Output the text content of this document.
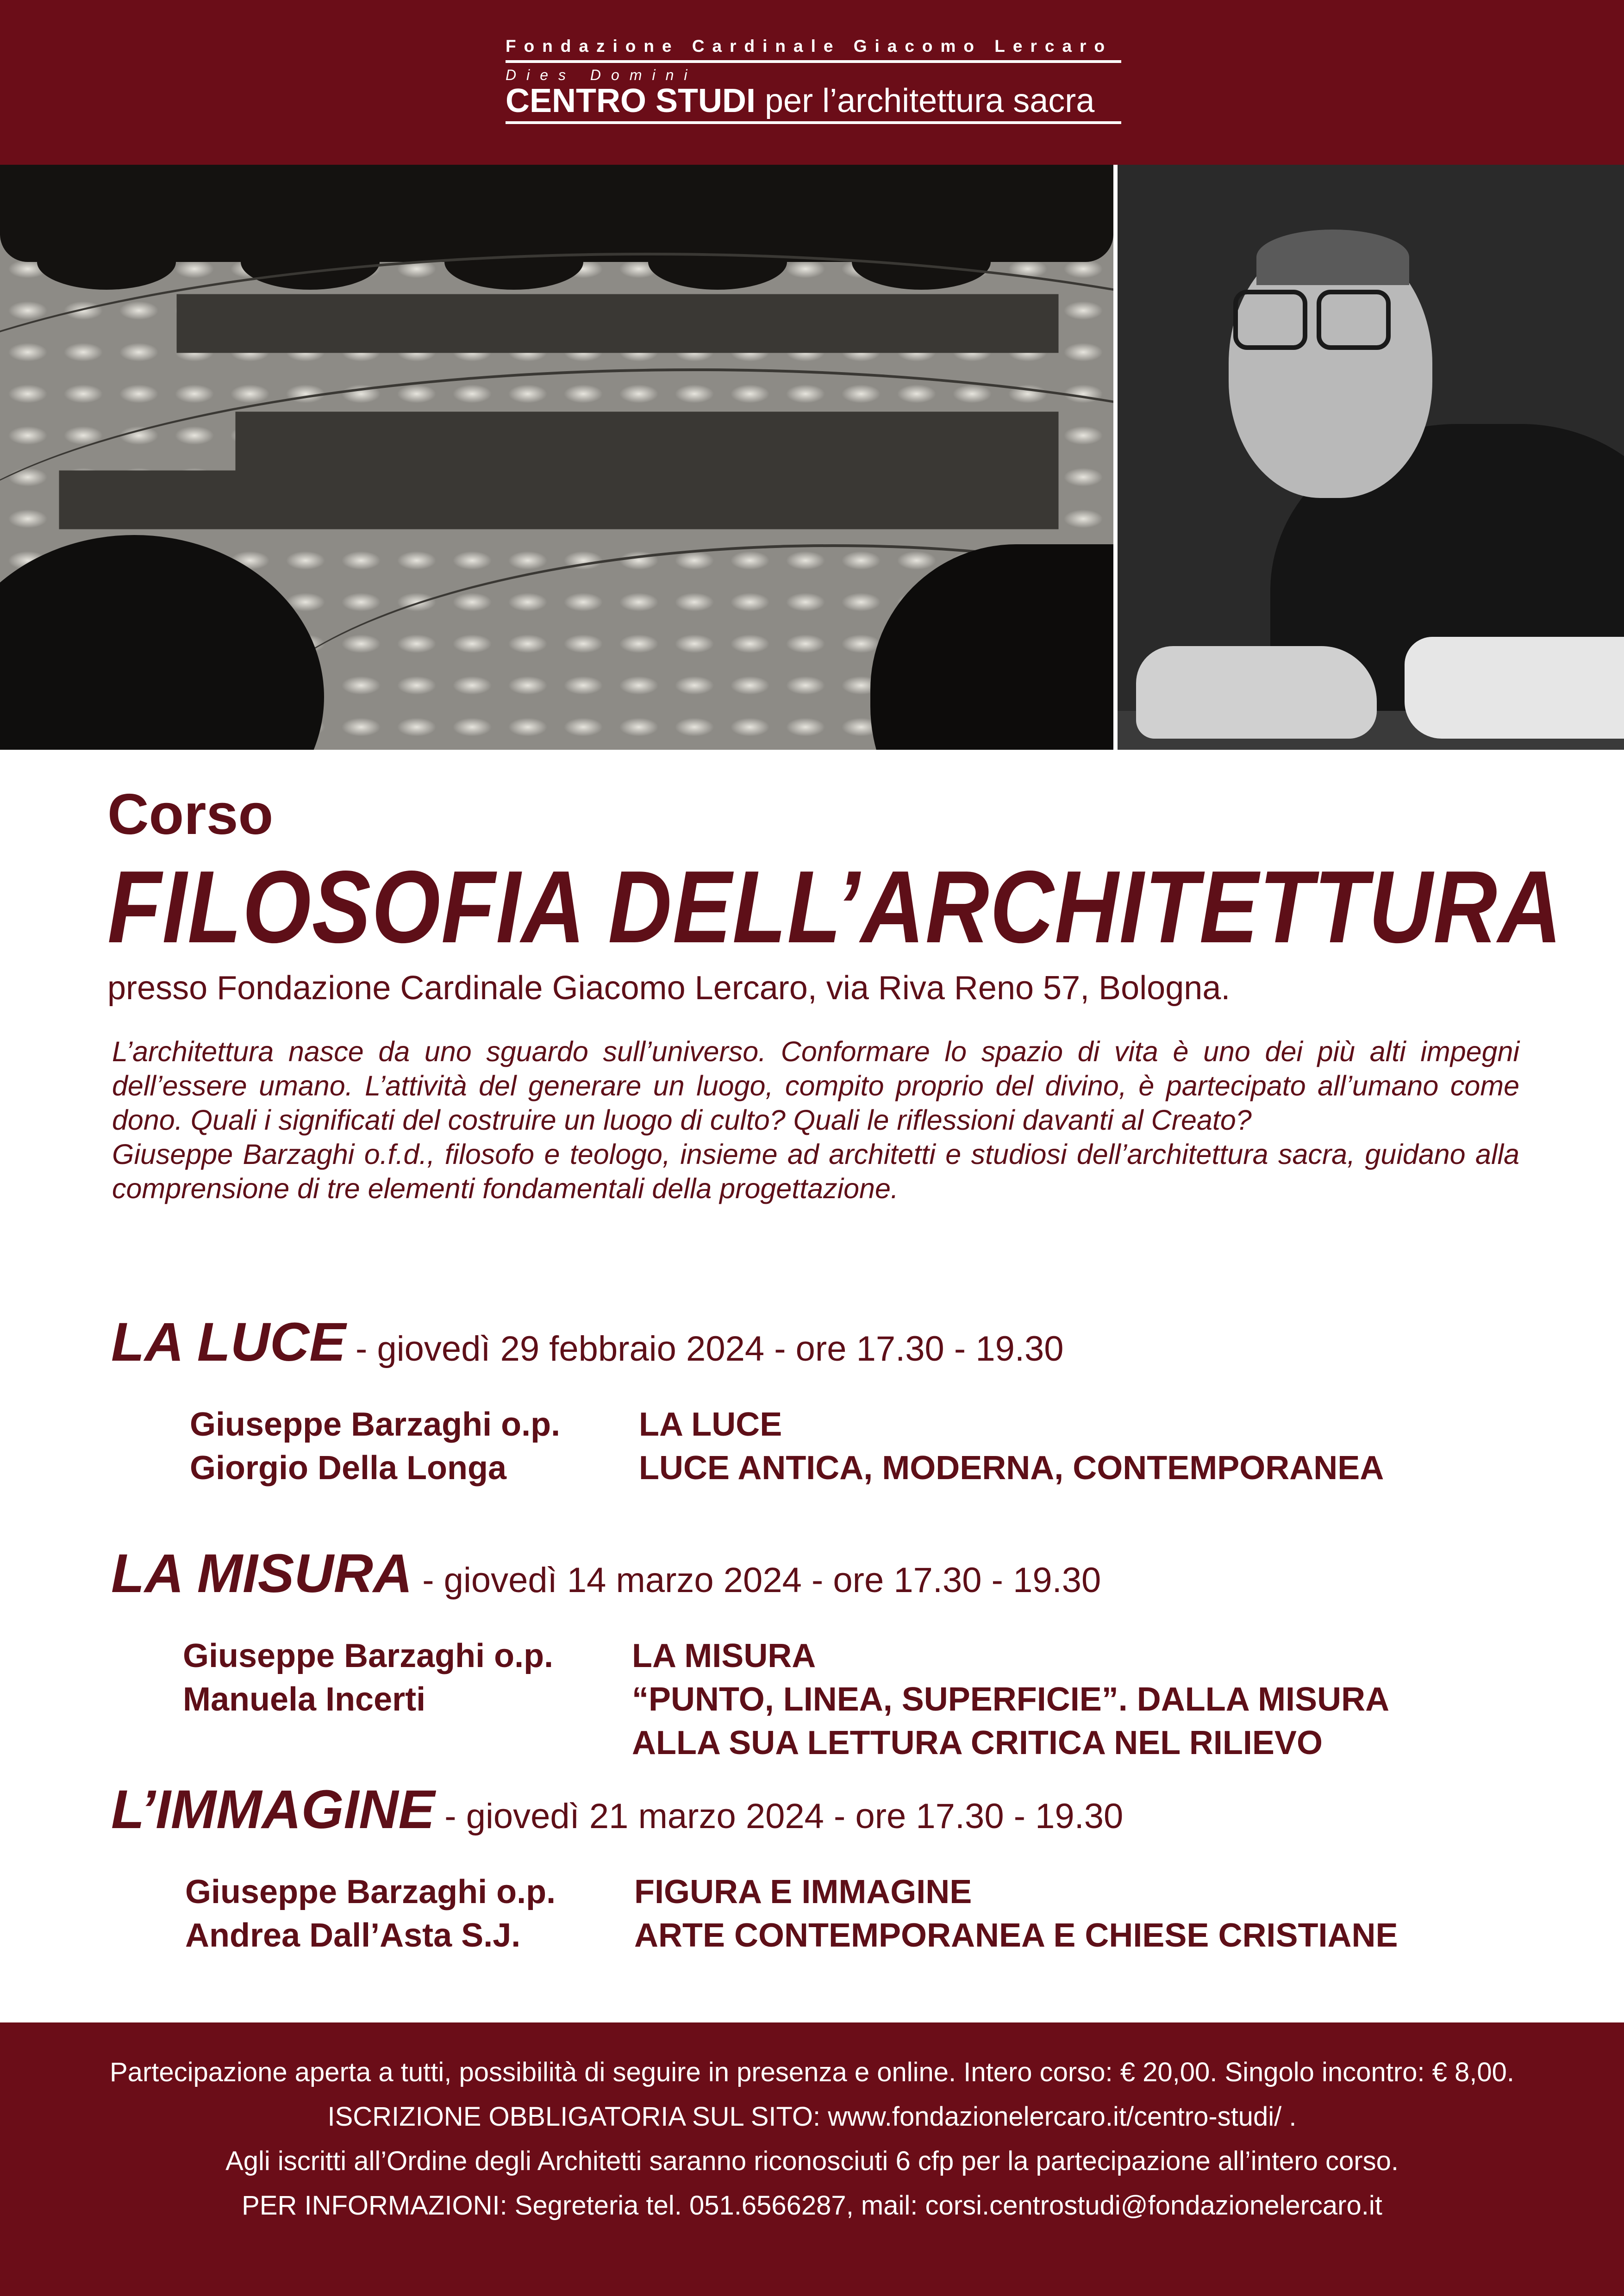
Fondazione Cardinale Giacomo Lercaro
Dies Domini
CENTRO STUDI per l’architettura sacra
Corso
FILOSOFIA DELL’ARCHITETTURA
presso Fondazione Cardinale Giacomo Lercaro, via Riva Reno 57, Bologna.

L’architettura nasce da uno sguardo sull’universo. Conformare lo spazio di vita è uno dei più alti impegni dell’essere umano. L’attività del generare un luogo, compito proprio del divino, è partecipato all’umano come dono. Quali i significati del costruire un luogo di culto? Quali le riflessioni davanti al Creato?

Giuseppe Barzaghi o.f.d., filosofo e teologo, insieme ad architetti e studiosi dell’architettura sacra, guidano alla comprensione di tre elementi fondamentali della progettazione.

LA LUCE - giovedì 29 febbraio 2024 - ore 17.30 - 19.30
Giuseppe Barzaghi o.p.	LA LUCE
Giorgio Della Longa	LUCE ANTICA, MODERNA, CONTEMPORANEA
LA MISURA - giovedì 14 marzo 2024 - ore 17.30 - 19.30
Giuseppe Barzaghi o.p.	LA MISURA
Manuela Incerti	“PUNTO, LINEA, SUPERFICIE”. DALLA MISURA
ALLA SUA LETTURA CRITICA NEL RILIEVO
L’IMMAGINE - giovedì 21 marzo 2024 - ore 17.30 - 19.30
Giuseppe Barzaghi o.p.	FIGURA E IMMAGINE
Andrea Dall’Asta S.J.	ARTE CONTEMPORANEA E CHIESE CRISTIANE
Partecipazione aperta a tutti, possibilità di seguire in presenza e online. Intero corso: € 20,00. Singolo incontro: € 8,00.
ISCRIZIONE OBBLIGATORIA SUL SITO: www.fondazionelercaro.it/centro-studi/ .
Agli iscritti all’Ordine degli Architetti saranno riconosciuti 6 cfp per la partecipazione all’intero corso.
PER INFORMAZIONI: Segreteria tel. 051.6566287, mail: corsi.centrostudi@fondazionelercaro.it
